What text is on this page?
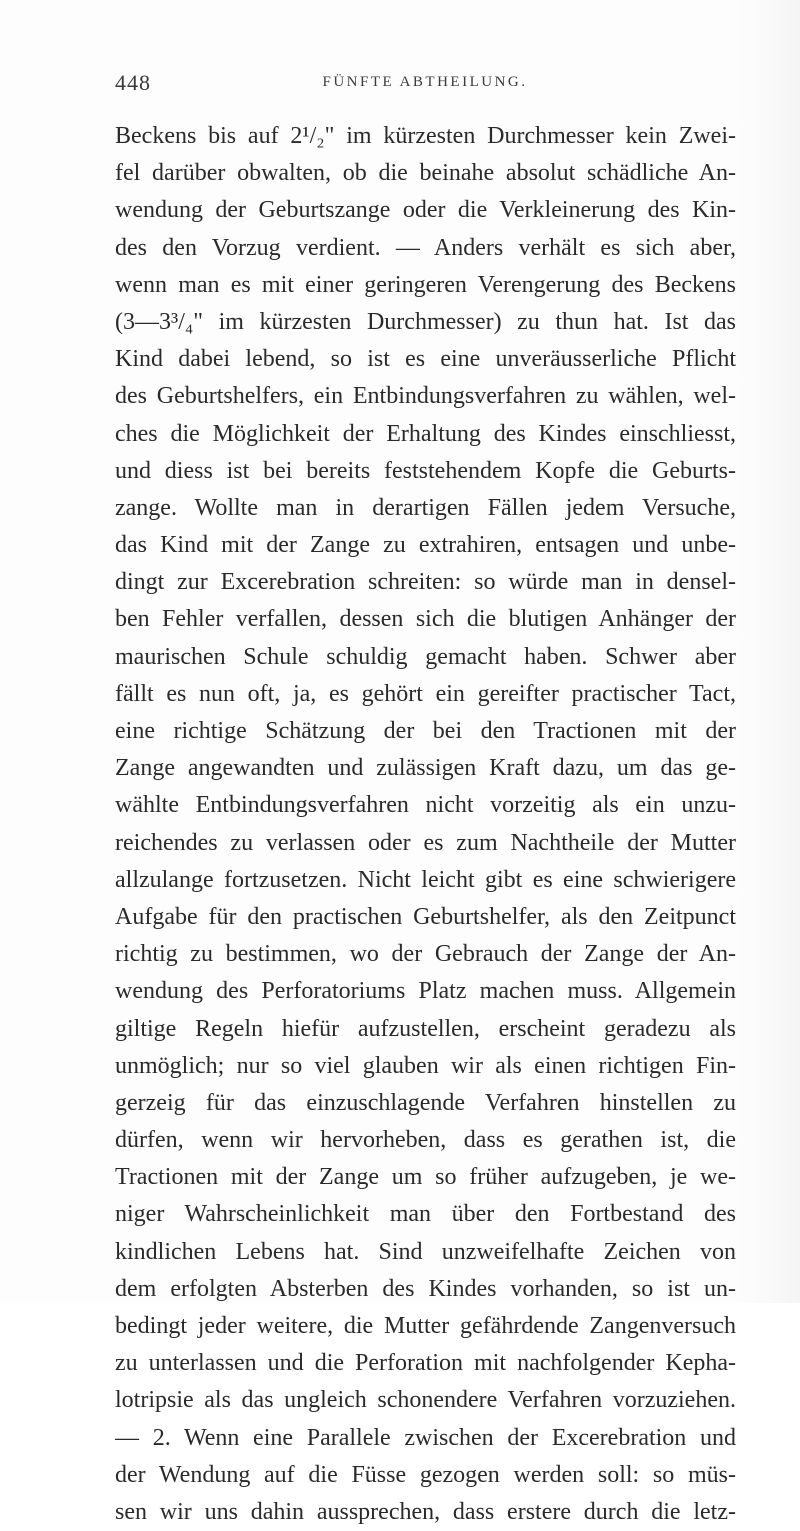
448	FÜNFTE ABTHEILUNG.
Beckens bis auf 2¹/₂" im kürzesten Durchmesser kein Zwei-
fel darüber obwalten, ob die beinahe absolut schädliche An-
wendung der Geburtszange oder die Verkleinerung des Kin-
des den Vorzug verdient. — Anders verhält es sich aber,
wenn man es mit einer geringeren Verengerung des Beckens
(3—3³/₄" im kürzesten Durchmesser) zu thun hat. Ist das
Kind dabei lebend, so ist es eine unveräusserliche Pflicht
des Geburtshelfers, ein Entbindungsverfahren zu wählen, wel-
ches die Möglichkeit der Erhaltung des Kindes einschliesst,
und diess ist bei bereits feststehendem Kopfe die Geburts-
zange. Wollte man in derartigen Fällen jedem Versuche,
das Kind mit der Zange zu extrahiren, entsagen und unbe-
dingt zur Excerebration schreiten: so würde man in densel-
ben Fehler verfallen, dessen sich die blutigen Anhänger der
maurischen Schule schuldig gemacht haben. Schwer aber
fällt es nun oft, ja, es gehört ein gereifter practischer Tact,
eine richtige Schätzung der bei den Tractionen mit der
Zange angewandten und zulässigen Kraft dazu, um das ge-
wählte Entbindungsverfahren nicht vorzeitig als ein unzu-
reichendes zu verlassen oder es zum Nachtheile der Mutter
allzulange fortzusetzen. Nicht leicht gibt es eine schwierigere
Aufgabe für den practischen Geburtshelfer, als den Zeitpunct
richtig zu bestimmen, wo der Gebrauch der Zange der An-
wendung des Perforatoriums Platz machen muss. Allgemein
giltige Regeln hiefür aufzustellen, erscheint geradezu als
unmöglich; nur so viel glauben wir als einen richtigen Fin-
gerzeig für das einzuschlagende Verfahren hinstellen zu
dürfen, wenn wir hervorheben, dass es gerathen ist, die
Tractionen mit der Zange um so früher aufzugeben, je we-
niger Wahrscheinlichkeit man über den Fortbestand des
kindlichen Lebens hat. Sind unzweifelhafte Zeichen von
dem erfolgten Absterben des Kindes vorhanden, so ist un-
bedingt jeder weitere, die Mutter gefährdende Zangenversuch
zu unterlassen und die Perforation mit nachfolgender Kepha-
lotripsie als das ungleich schonendere Verfahren vorzuziehen.
— 2. Wenn eine Parallele zwischen der Excerebration und
der Wendung auf die Füsse gezogen werden soll: so müs-
sen wir uns dahin aussprechen, dass erstere durch die letz-
